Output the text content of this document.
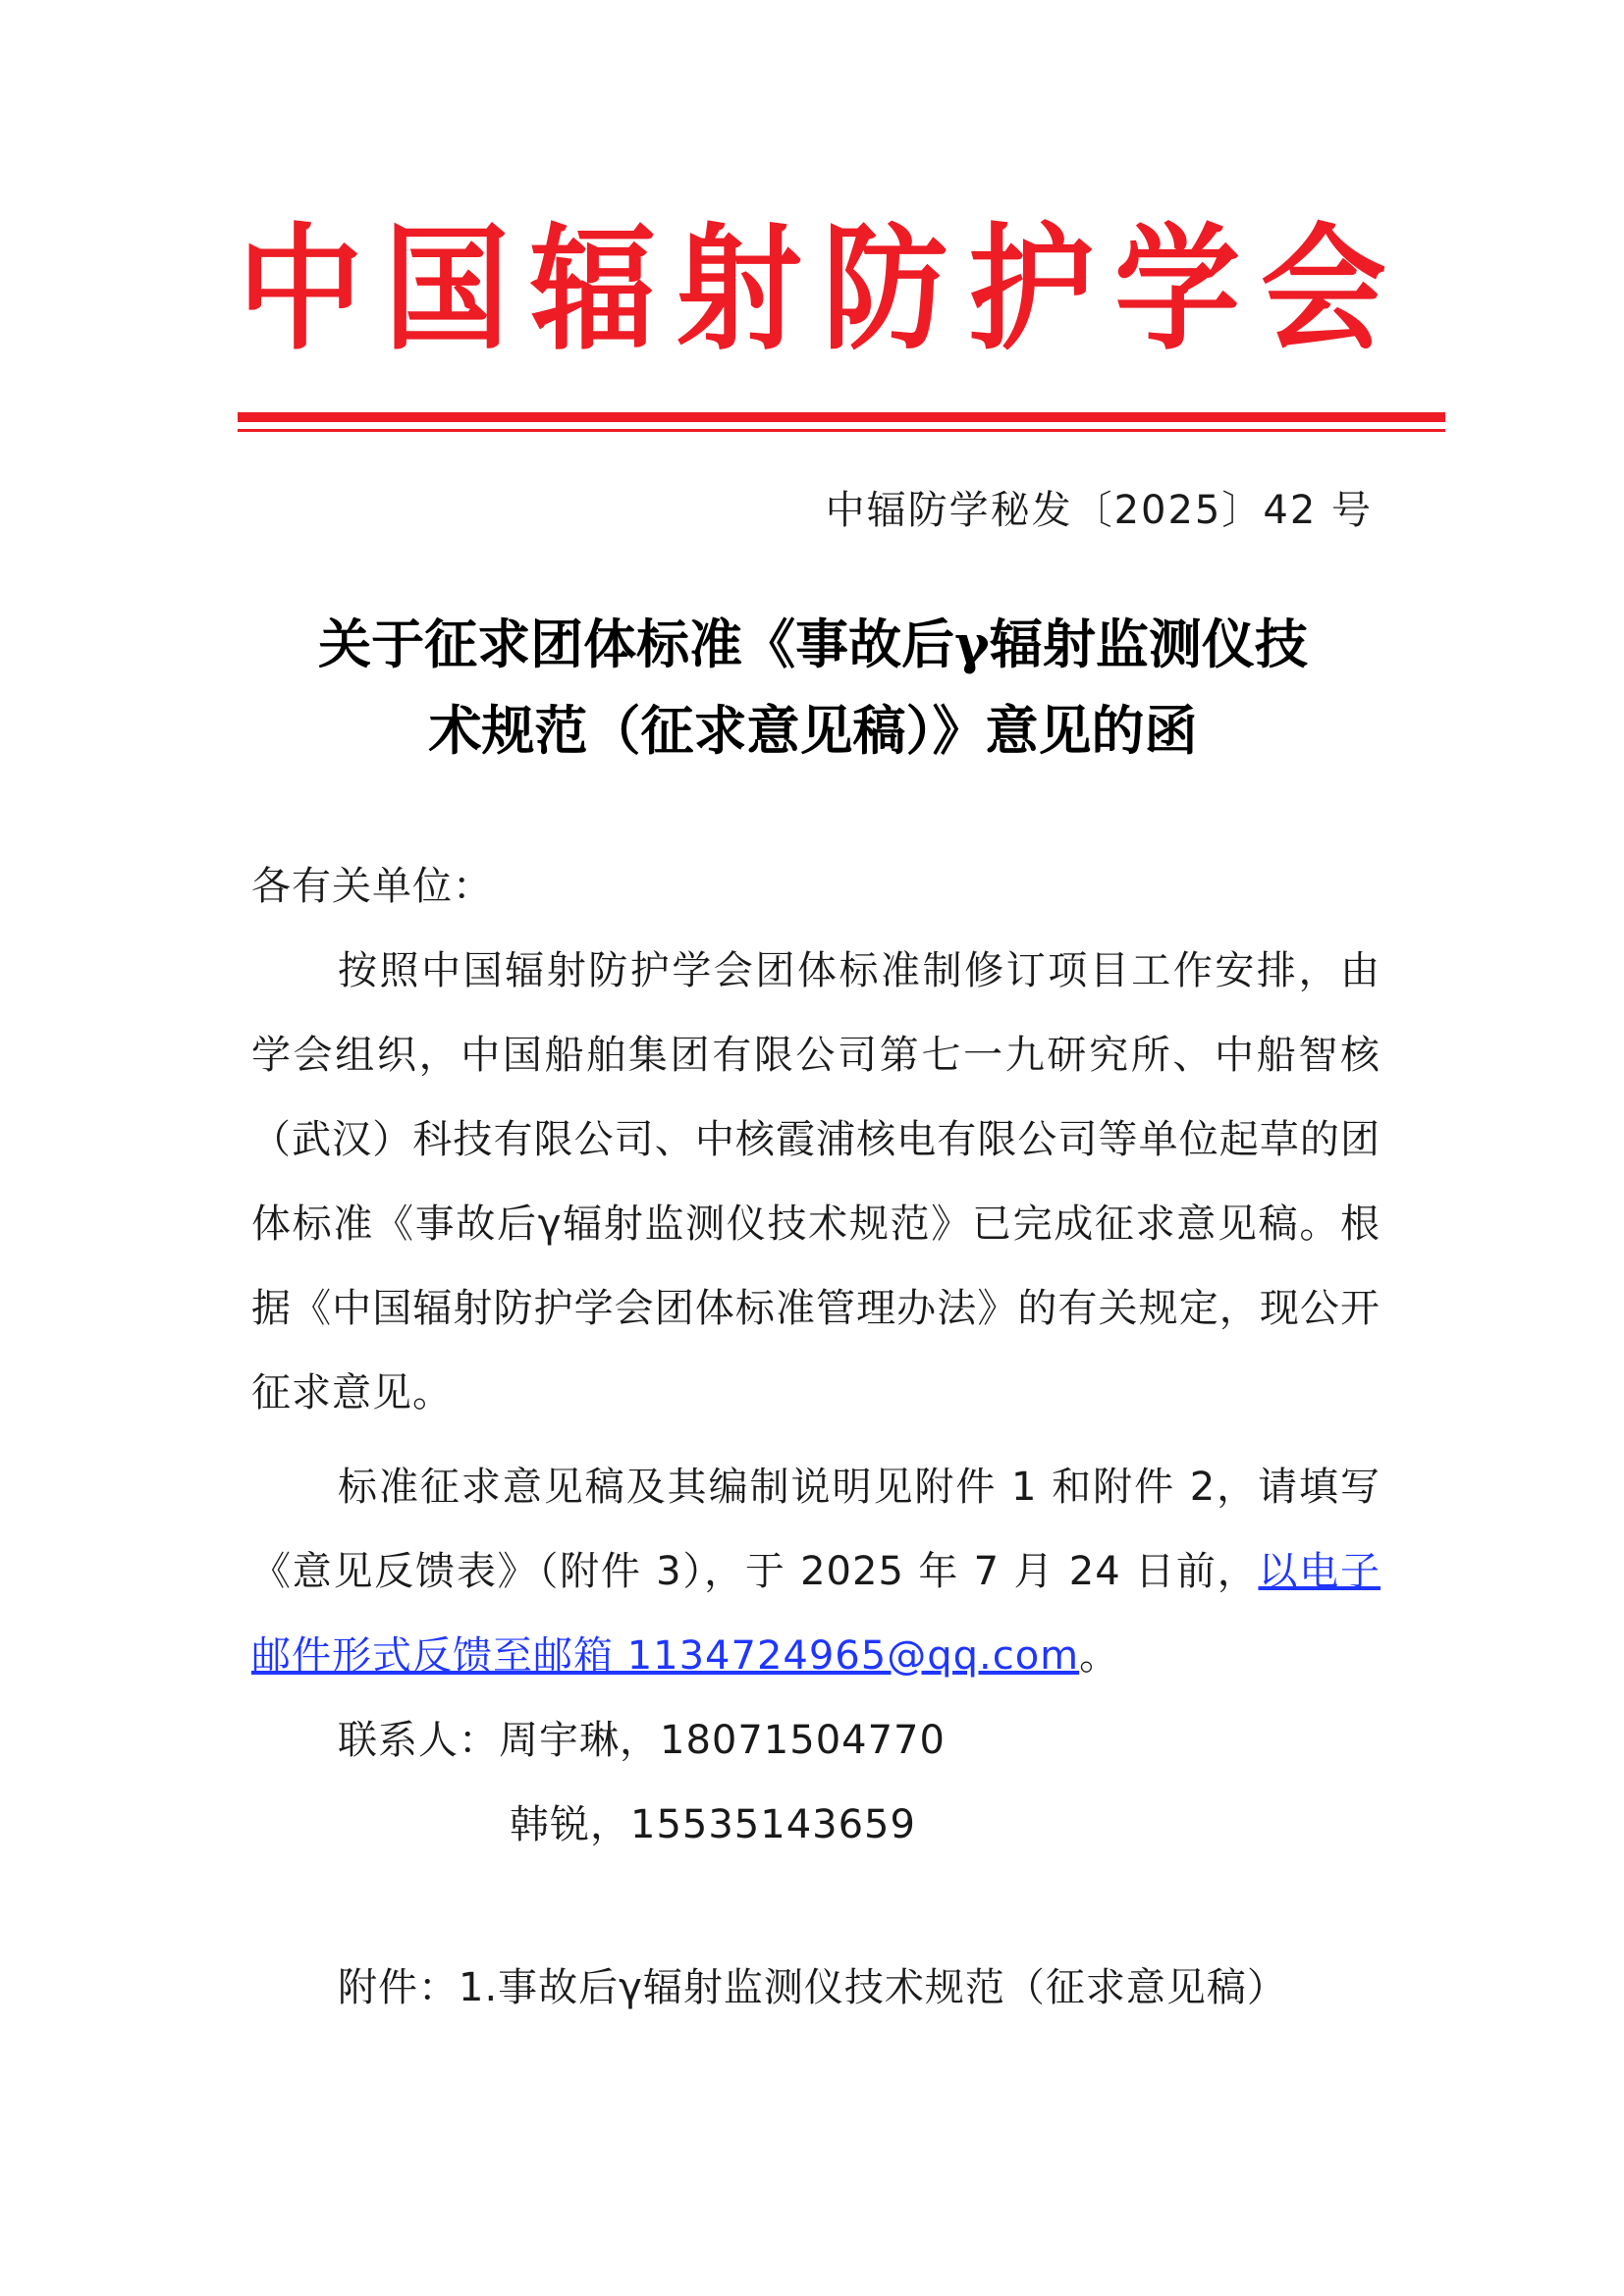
中 国 辐 射 防 护 学 会
中辐防学秘发〔2025〕42 号
关于征求团体标准《事故后γ辐射监测仪技
术规范（征求意见稿）》意见的函

各有关单位：

按照中国辐射防护学会团体标准制修订项目工作安排，由学会组织，中国船舶集团有限公司第七一九研究所、中船智核（武汉）科技有限公司、中核霞浦核电有限公司等单位起草的团体标准《事故后γ辐射监测仪技术规范》已完成征求意见稿。根据《中国辐射防护学会团体标准管理办法》的有关规定，现公开征求意见。

标准征求意见稿及其编制说明见附件 1 和附件 2，请填写《意见反馈表》（附件 3），于 2025 年 7 月 24 日前，以电子邮件形式反馈至邮箱 1134724965@qq.com。

联系人：周宇琳，18071504770

韩锐，15535143659

附件：1.事故后γ辐射监测仪技术规范（征求意见稿）
